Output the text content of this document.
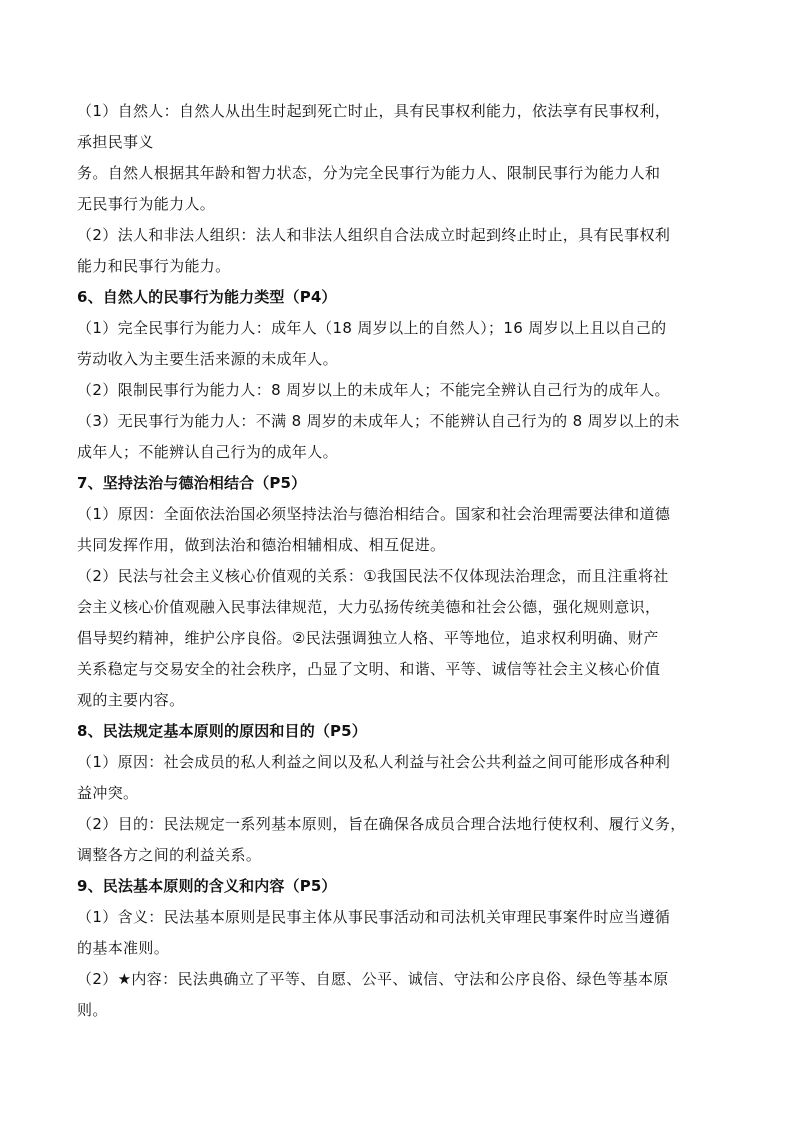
（1）自然人：自然人从出生时起到死亡时止，具有民事权利能力，依法享有民事权利，
承担民事义
务。自然人根据其年龄和智力状态，分为完全民事行为能力人、限制民事行为能力人和
无民事行为能力人。
（2）法人和非法人组织：法人和非法人组织自合法成立时起到终止时止，具有民事权利
能力和民事行为能力。
6、自然人的民事行为能力类型（P4）
（1）完全民事行为能力人：成年人（18 周岁以上的自然人）；16 周岁以上且以自己的
劳动收入为主要生活来源的未成年人。
（2）限制民事行为能力人：8 周岁以上的未成年人；不能完全辨认自己行为的成年人。
（3）无民事行为能力人：不满 8 周岁的未成年人；不能辨认自己行为的 8 周岁以上的未
成年人；不能辨认自己行为的成年人。
7、坚持法治与德治相结合（P5）
（1）原因：全面依法治国必须坚持法治与德治相结合。国家和社会治理需要法律和道德
共同发挥作用，做到法治和德治相辅相成、相互促进。
（2）民法与社会主义核心价值观的关系：①我国民法不仅体现法治理念，而且注重将社
会主义核心价值观融入民事法律规范，大力弘扬传统美德和社会公德，强化规则意识，
倡导契约精神，维护公序良俗。②民法强调独立人格、平等地位，追求权利明确、财产
关系稳定与交易安全的社会秩序，凸显了文明、和谐、平等、诚信等社会主义核心价值
观的主要内容。
8、民法规定基本原则的原因和目的（P5）
（1）原因：社会成员的私人利益之间以及私人利益与社会公共利益之间可能形成各种利
益冲突。
（2）目的：民法规定一系列基本原则，旨在确保各成员合理合法地行使权利、履行义务，
调整各方之间的利益关系。
9、民法基本原则的含义和内容（P5）
（1）含义：民法基本原则是民事主体从事民事活动和司法机关审理民事案件时应当遵循
的基本准则。
（2）★内容：民法典确立了平等、自愿、公平、诚信、守法和公序良俗、绿色等基本原
则。
